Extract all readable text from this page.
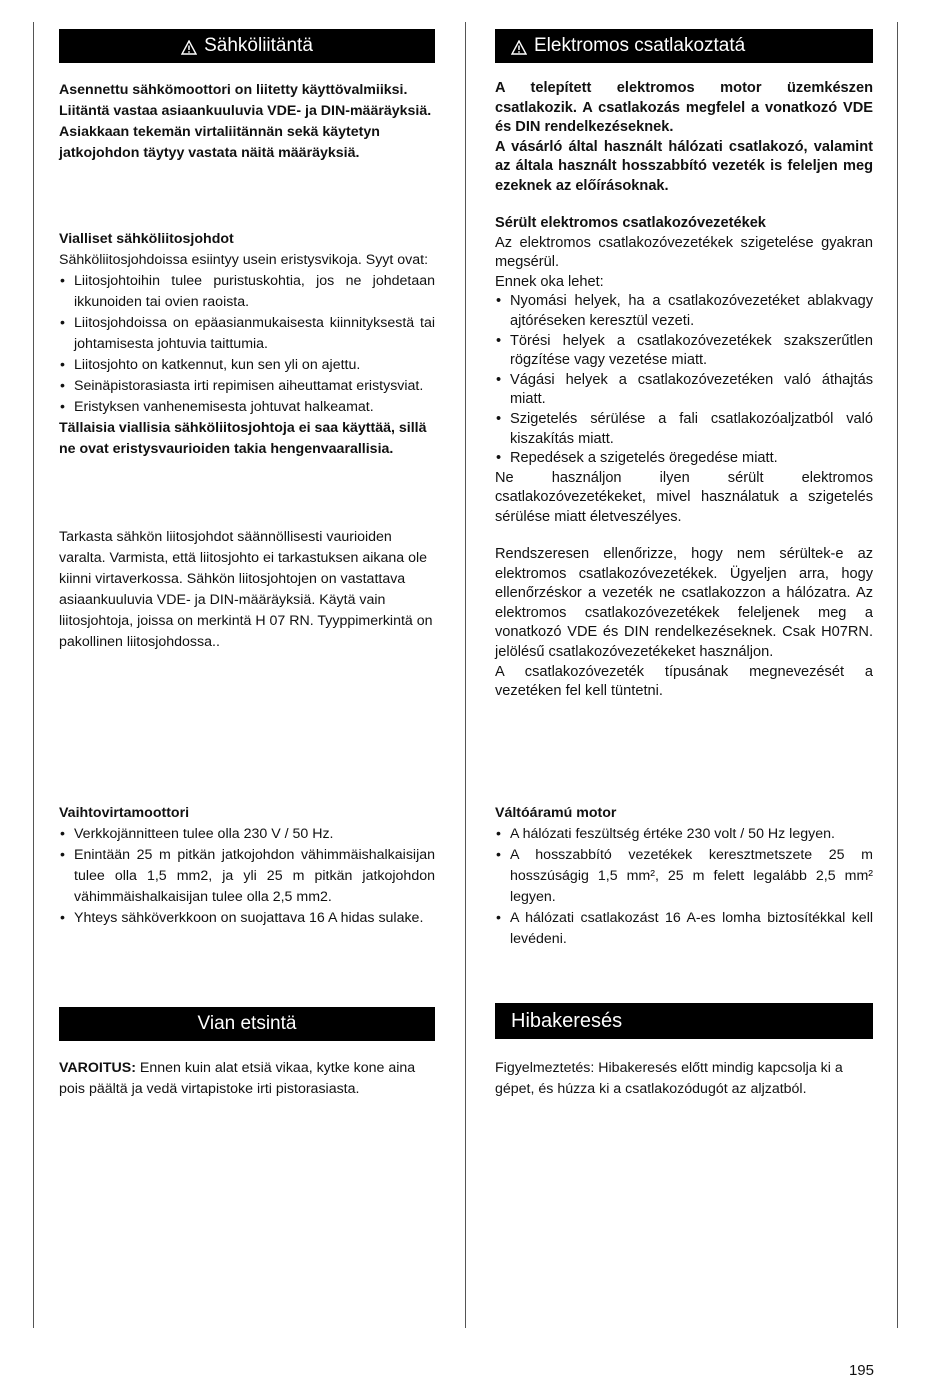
Sähköliitäntä

Asennettu sähkömoottori on liitetty käyttövalmiiksi.

Liitäntä vastaa asiaankuuluvia VDE- ja DIN-määräyksiä.

Asiakkaan tekemän virtaliitännän sekä käytetyn jatkojohdon täytyy vastata näitä määräyksiä.

Vialliset sähköliitosjohdot

Sähköliitosjohdoissa esiintyy usein eristysvikoja. Syyt ovat:

• Liitosjohtoihin tulee puristuskohtia, jos ne johdetaan ikkunoiden tai ovien raoista.
• Liitosjohdoissa on epäasianmukaisesta kiinnityksestä tai johtamisesta johtuvia taittumia.
• Liitosjohto on katkennut, kun sen yli on ajettu.
• Seinäpistorasiasta irti repimisen aiheuttamat eristysviat.
• Eristyksen vanhenemisesta johtuvat halkeamat.

Tällaisia viallisia sähköliitosjohtoja ei saa käyttää, sillä ne ovat eristysvaurioiden takia hengenvaarallisia.

Tarkasta sähkön liitosjohdot säännöllisesti vaurioiden varalta. Varmista, että liitosjohto ei tarkastuksen aikana ole kiinni virtaverkossa. Sähkön liitosjohtojen on vastattava asiaankuuluvia VDE- ja DIN-määräyksiä. Käytä vain liitosjohtoja, joissa on merkintä H 07 RN. Tyyppimerkintä on pakollinen liitosjohdossa..

Vaihtovirtamoottori

• Verkkojännitteen tulee olla 230 V / 50 Hz.
• Enintään 25 m pitkän jatkojohdon vähimmäishalkaisijan tulee olla 1,5 mm2, ja yli 25 m pitkän jatkojohdon vähimmäishalkaisijan tulee olla 2,5 mm2.
• Yhteys sähköverkkoon on suojattava 16 A hidas sulake.
Vian etsintä
VAROITUS: Ennen kuin alat etsiä vikaa, kytke kone aina pois päältä ja vedä virtapistoke irti pistorasiasta.
Elektromos csatlakoztatá

A telepített elektromos motor üzemkészen csatlakozik. A csatlakozás megfelel a vonatkozó VDE és DIN rendelkezéseknek.

A vásárló által használt hálózati csatlakozó, valamint az általa használt hosszabbító vezeték is feleljen meg ezeknek az előírásoknak.

Sérült elektromos csatlakozóvezetékek

Az elektromos csatlakozóvezetékek szigetelése gyakran megsérül.

Ennek oka lehet:

• Nyomási helyek, ha a csatlakozóvezetéket ablakvagy ajtóréseken keresztül vezeti.
• Törési helyek a csatlakozóvezetékek szakszerűtlen rögzítése vagy vezetése miatt.
• Vágási helyek a csatlakozóvezetéken való áthajtás miatt.
• Szigetelés sérülése a fali csatlakozóaljzatból való kiszakítás miatt.
• Repedések a szigetelés öregedése miatt.

Ne használjon ilyen sérült elektromos csatlakozóvezetékeket, mivel használatuk a szigetelés sérülése miatt életveszélyes.

Rendszeresen ellenőrizze, hogy nem sérültek-e az elektromos csatlakozóvezetékek. Ügyeljen arra, hogy ellenőrzéskor a vezeték ne csatlakozzon a hálózatra. Az elektromos csatlakozóvezetékek feleljenek meg a vonatkozó VDE és DIN rendelkezéseknek. Csak H07RN. jelölésű csatlakozóvezetékeket használjon.

A csatlakozóvezeték típusának megnevezését a vezetéken fel kell tüntetni.

Váltóáramú motor

• A hálózati feszültség értéke 230 volt / 50 Hz legyen.
• A hosszabbító vezetékek keresztmetszete 25 m hosszúságig 1,5 mm², 25 m felett legalább 2,5 mm² legyen.
• A hálózati csatlakozást 16 A-es lomha biztosítékkal kell levédeni.
Hibakeresés
Figyelmeztetés: Hibakeresés előtt mindig kapcsolja ki a gépet, és húzza ki a csatlakozódugót az aljzatból.
195
